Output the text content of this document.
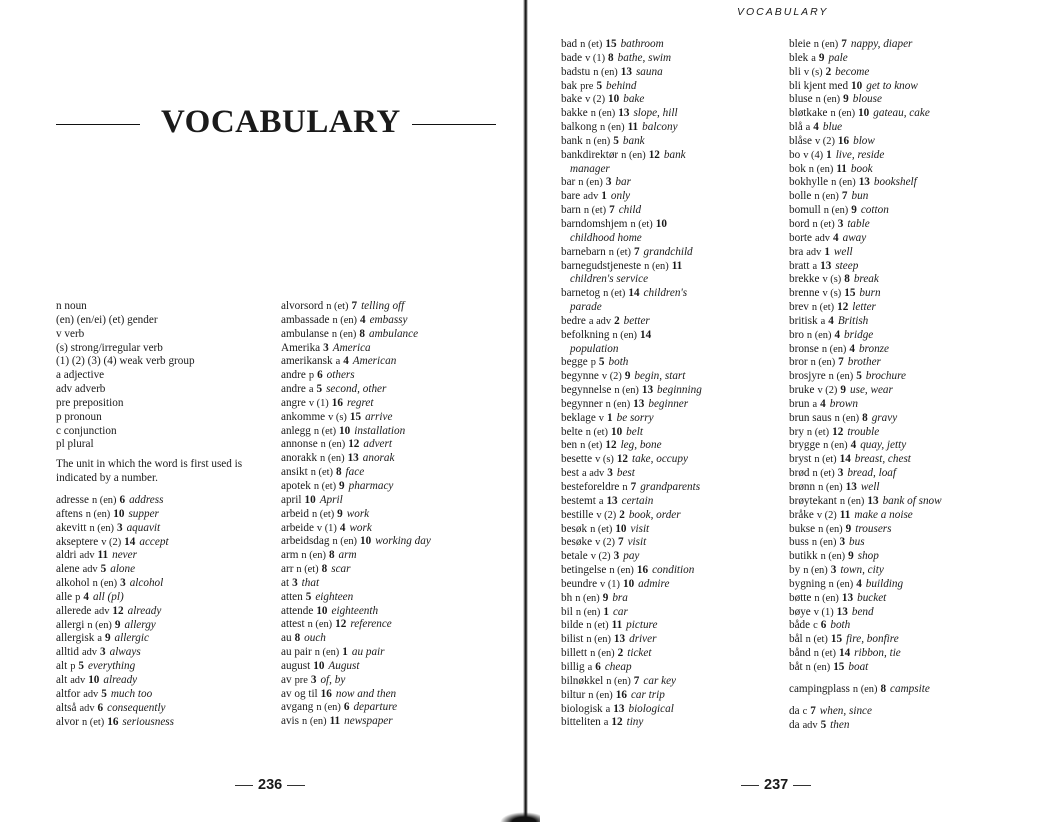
VOCABULARY
n noun
(en) (en/ei) (et) gender
v verb
(s) strong/irregular verb
(1) (2) (3) (4) weak verb group
a adjective
adv adverb
pre preposition
p pronoun
c conjunction
pl plural
The unit in which the word is first used is indicated by a number.
adresse n (en) 6 address
aftens n (en) 10 supper
akevitt n (en) 3 aquavit
akseptere v (2) 14 accept
aldri adv 11 never
alene adv 5 alone
alkohol n (en) 3 alcohol
alle p 4 all (pl)
allerede adv 12 already
allergi n (en) 9 allergy
allergisk a 9 allergic
alltid adv 3 always
alt p 5 everything
alt adv 10 already
altfor adv 5 much too
altså adv 6 consequently
alvor n (et) 16 seriousness
alvorsord n (et) 7 telling off
ambassade n (en) 4 embassy
ambulanse n (en) 8 ambulance
Amerika 3 America
amerikansk a 4 American
andre p 6 others
andre a 5 second, other
angre v (1) 16 regret
ankomme v (s) 15 arrive
anlegg n (et) 10 installation
annonse n (en) 12 advert
anorakk n (en) 13 anorak
ansikt n (et) 8 face
apotek n (et) 9 pharmacy
april 10 April
arbeid n (et) 9 work
arbeide v (1) 4 work
arbeidsdag n (en) 10 working day
arm n (en) 8 arm
arr n (et) 8 scar
at 3 that
atten 5 eighteen
attende 10 eighteenth
attest n (en) 12 reference
au 8 ouch
au pair n (en) 1 au pair
august 10 August
av pre 3 of, by
av og til 16 now and then
avgang n (en) 6 departure
avis n (en) 11 newspaper
236
VOCABULARY
bad n (et) 15 bathroom
bade v (1) 8 bathe, swim
badstu n (en) 13 sauna
bak pre 5 behind
bake v (2) 10 bake
bakke n (en) 13 slope, hill
balkong n (en) 11 balcony
bank n (en) 5 bank
bankdirektør n (en) 12 bank
manager
bar n (en) 3 bar
bare adv 1 only
barn n (et) 7 child
barndomshjem n (et) 10
childhood home
barnebarn n (et) 7 grandchild
barnegudstjeneste n (en) 11
children's service
barnetog n (et) 14 children's
parade
bedre a adv 2 better
befolkning n (en) 14
population
begge p 5 both
begynne v (2) 9 begin, start
begynnelse n (en) 13 beginning
begynner n (en) 13 beginner
beklage v 1 be sorry
belte n (et) 10 belt
ben n (et) 12 leg, bone
besette v (s) 12 take, occupy
best a adv 3 best
besteforeldre n 7 grandparents
bestemt a 13 certain
bestille v (2) 2 book, order
besøk n (et) 10 visit
besøke v (2) 7 visit
betale v (2) 3 pay
betingelse n (en) 16 condition
beundre v (1) 10 admire
bh n (en) 9 bra
bil n (en) 1 car
bilde n (et) 11 picture
bilist n (en) 13 driver
billett n (en) 2 ticket
billig a 6 cheap
bilnøkkel n (en) 7 car key
biltur n (en) 16 car trip
biologisk a 13 biological
bitteliten a 12 tiny
bleie n (en) 7 nappy, diaper
blek a 9 pale
bli v (s) 2 become
bli kjent med 10 get to know
bluse n (en) 9 blouse
bløtkake n (en) 10 gateau, cake
blå a 4 blue
blåse v (2) 16 blow
bo v (4) 1 live, reside
bok n (en) 11 book
bokhylle n (en) 13 bookshelf
bolle n (en) 7 bun
bomull n (en) 9 cotton
bord n (et) 3 table
borte adv 4 away
bra adv 1 well
bratt a 13 steep
brekke v (s) 8 break
brenne v (s) 15 burn
brev n (et) 12 letter
britisk a 4 British
bro n (en) 4 bridge
bronse n (en) 4 bronze
bror n (en) 7 brother
brosjyre n (en) 5 brochure
bruke v (2) 9 use, wear
brun a 4 brown
brun saus n (en) 8 gravy
bry n (et) 12 trouble
brygge n (en) 4 quay, jetty
bryst n (et) 14 breast, chest
brød n (et) 3 bread, loaf
brønn n (en) 13 well
brøytekant n (en) 13 bank of snow
bråke v (2) 11 make a noise
bukse n (en) 9 trousers
buss n (en) 3 bus
butikk n (en) 9 shop
by n (en) 3 town, city
bygning n (en) 4 building
bøtte n (en) 13 bucket
bøye v (1) 13 bend
både c 6 both
bål n (et) 15 fire, bonfire
bånd n (et) 14 ribbon, tie
båt n (en) 15 boat
campingplass n (en) 8 campsite
da c 7 when, since
da adv 5 then
237
